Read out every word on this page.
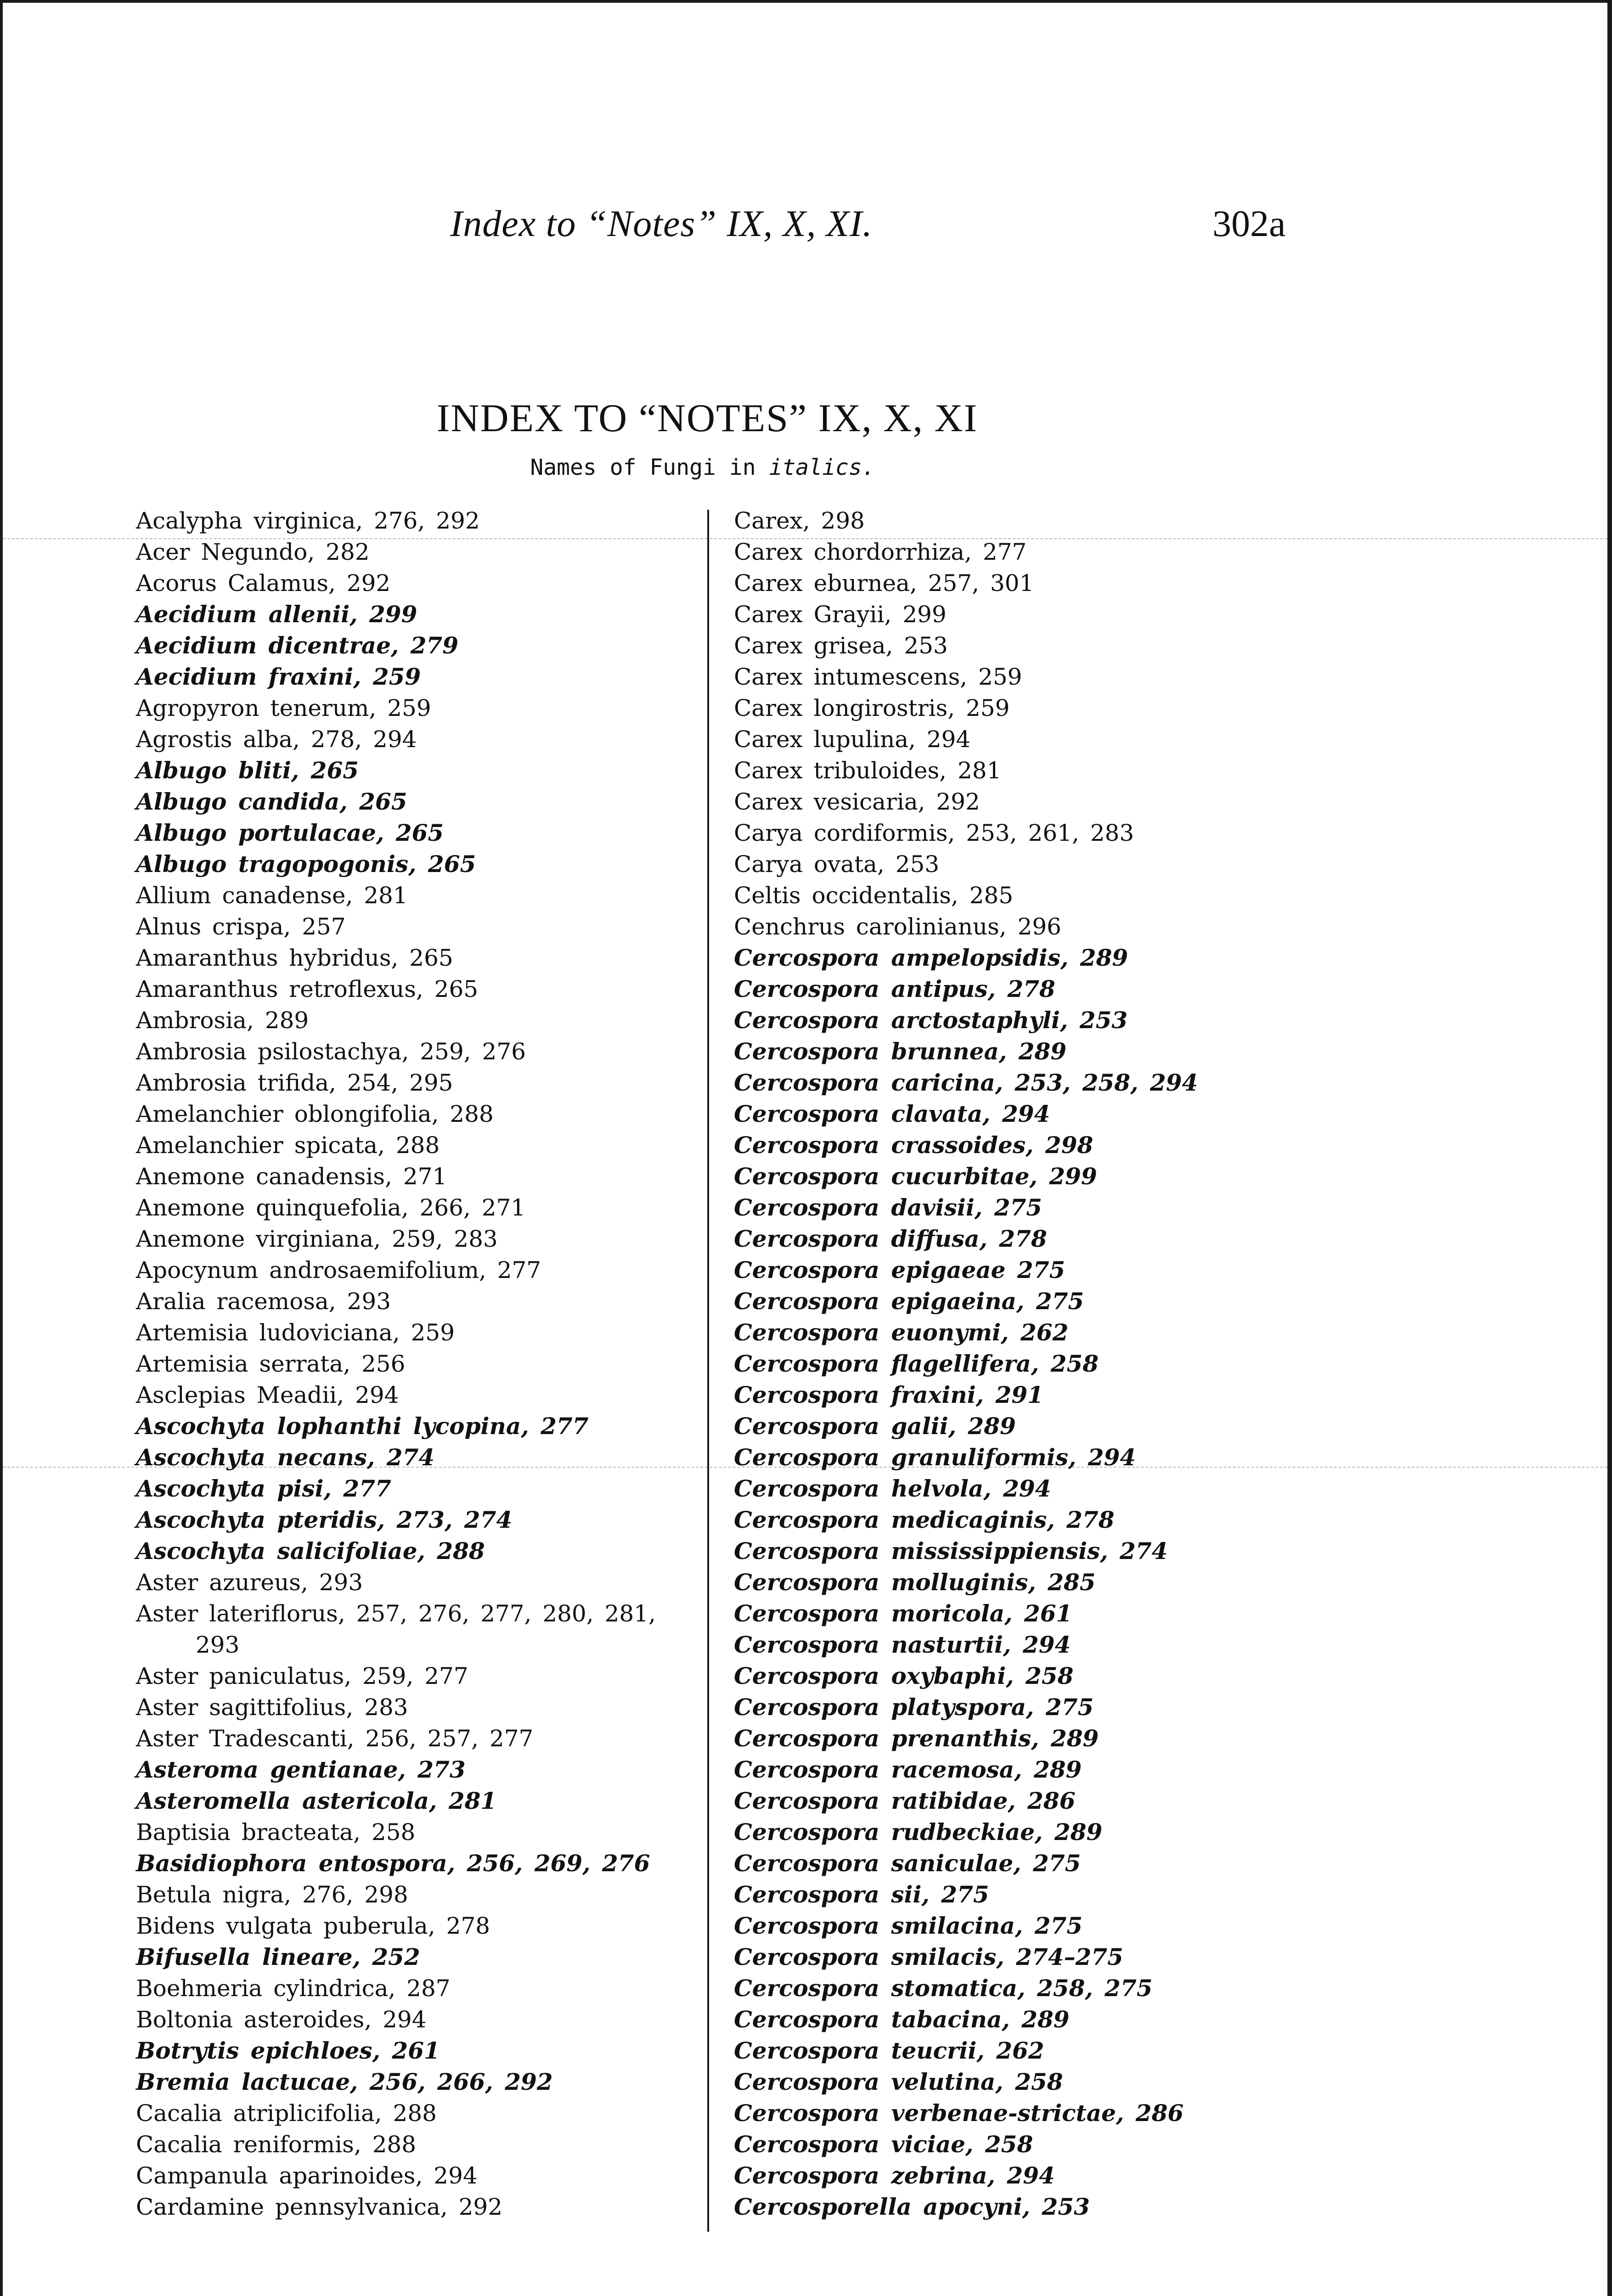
Index to “Notes” IX, X, XI.	302a
INDEX TO “NOTES” IX, X, XI
Names of Fungi in italics.
Acalypha virginica, 276, 292
Acer Negundo, 282
Acorus Calamus, 292
Aecidium allenii, 299
Aecidium dicentrae, 279
Aecidium fraxini, 259
Agropyron tenerum, 259
Agrostis alba, 278, 294
Albugo bliti, 265
Albugo candida, 265
Albugo portulacae, 265
Albugo tragopogonis, 265
Allium canadense, 281
Alnus crispa, 257
Amaranthus hybridus, 265
Amaranthus retroflexus, 265
Ambrosia, 289
Ambrosia psilostachya, 259, 276
Ambrosia trifida, 254, 295
Amelanchier oblongifolia, 288
Amelanchier spicata, 288
Anemone canadensis, 271
Anemone quinquefolia, 266, 271
Anemone virginiana, 259, 283
Apocynum androsaemifolium, 277
Aralia racemosa, 293
Artemisia ludoviciana, 259
Artemisia serrata, 256
Asclepias Meadii, 294
Ascochyta lophanthi lycopina, 277
Ascochyta necans, 274
Ascochyta pisi, 277
Ascochyta pteridis, 273, 274
Ascochyta salicifoliae, 288
Aster azureus, 293
Aster lateriflorus, 257, 276, 277, 280, 281,
293
Aster paniculatus, 259, 277
Aster sagittifolius, 283
Aster Tradescanti, 256, 257, 277
Asteroma gentianae, 273
Asteromella astericola, 281
Baptisia bracteata, 258
Basidiophora entospora, 256, 269, 276
Betula nigra, 276, 298
Bidens vulgata puberula, 278
Bifusella lineare, 252
Boehmeria cylindrica, 287
Boltonia asteroides, 294
Botrytis epichloes, 261
Bremia lactucae, 256, 266, 292
Cacalia atriplicifolia, 288
Cacalia reniformis, 288
Campanula aparinoides, 294
Cardamine pennsylvanica, 292
Carex, 298
Carex chordorrhiza, 277
Carex eburnea, 257, 301
Carex Grayii, 299
Carex grisea, 253
Carex intumescens, 259
Carex longirostris, 259
Carex lupulina, 294
Carex tribuloides, 281
Carex vesicaria, 292
Carya cordiformis, 253, 261, 283
Carya ovata, 253
Celtis occidentalis, 285
Cenchrus carolinianus, 296
Cercospora ampelopsidis, 289
Cercospora antipus, 278
Cercospora arctostaphyli, 253
Cercospora brunnea, 289
Cercospora caricina, 253, 258, 294
Cercospora clavata, 294
Cercospora crassoides, 298
Cercospora cucurbitae, 299
Cercospora davisii, 275
Cercospora diffusa, 278
Cercospora epigaeae 275
Cercospora epigaeina, 275
Cercospora euonymi, 262
Cercospora flagellifera, 258
Cercospora fraxini, 291
Cercospora galii, 289
Cercospora granuliformis, 294
Cercospora helvola, 294
Cercospora medicaginis, 278
Cercospora mississippiensis, 274
Cercospora molluginis, 285
Cercospora moricola, 261
Cercospora nasturtii, 294
Cercospora oxybaphi, 258
Cercospora platyspora, 275
Cercospora prenanthis, 289
Cercospora racemosa, 289
Cercospora ratibidae, 286
Cercospora rudbeckiae, 289
Cercospora saniculae, 275
Cercospora sii, 275
Cercospora smilacina, 275
Cercospora smilacis, 274–275
Cercospora stomatica, 258, 275
Cercospora tabacina, 289
Cercospora teucrii, 262
Cercospora velutina, 258
Cercospora verbenae-strictae, 286
Cercospora viciae, 258
Cercospora zebrina, 294
Cercosporella apocyni, 253
